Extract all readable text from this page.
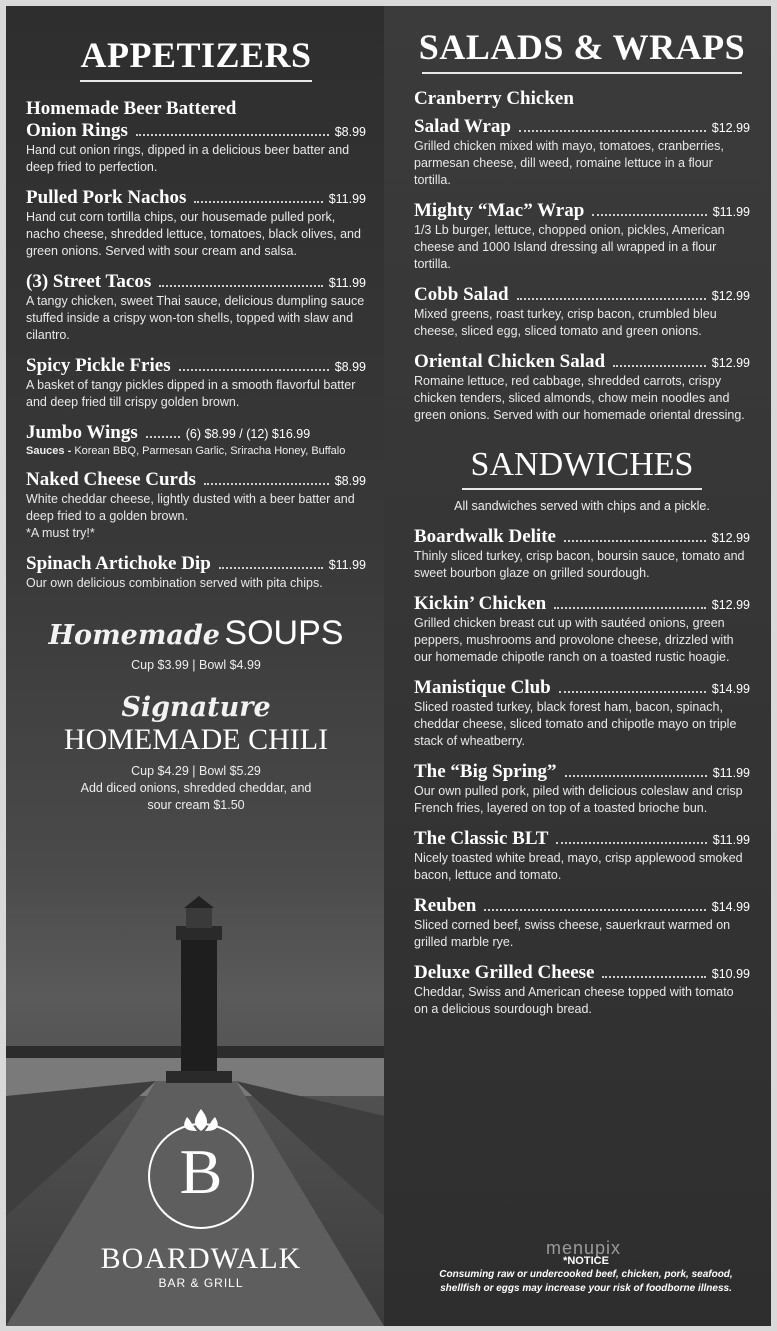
APPETIZERS
Homemade Beer Battered
Onion Rings	$8.99
Hand cut onion rings, dipped in a delicious beer batter and deep fried to perfection.
Pulled Pork Nachos	$11.99
Hand cut corn tortilla chips, our housemade pulled pork, nacho cheese, shredded lettuce, tomatoes, black olives, and green onions. Served with sour cream and salsa.
(3) Street Tacos	$11.99
A tangy chicken, sweet Thai sauce, delicious dumpling sauce stuffed inside a crispy won-ton shells, topped with slaw and cilantro.
Spicy Pickle Fries	$8.99
A basket of tangy pickles dipped in a smooth flavorful batter and deep fried till crispy golden brown.
Jumbo Wings	(6) $8.99 / (12) $16.99
Sauces - Korean BBQ, Parmesan Garlic, Sriracha Honey, Buffalo
Naked Cheese Curds	$8.99
White cheddar cheese, lightly dusted with a beer batter and deep fried to a golden brown.
*A must try!*
Spinach Artichoke Dip	$11.99
Our own delicious combination served with pita chips.
Homemade SOUPS
Cup $3.99 | Bowl $4.99
Signature
HOMEMADE CHILI
Cup $4.29 | Bowl $5.29
Add diced onions, shredded cheddar, and sour cream $1.50
B
BOARDWALK
BAR & GRILL
SALADS & WRAPS
Cranberry Chicken
Salad Wrap	$12.99
Grilled chicken mixed with mayo, tomatoes, cranberries, parmesan cheese, dill weed, romaine lettuce in a flour tortilla.
Mighty “Mac” Wrap	$11.99
1/3 Lb burger, lettuce, chopped onion, pickles, American cheese and 1000 Island dressing all wrapped in a flour tortilla.
Cobb Salad	$12.99
Mixed greens, roast turkey, crisp bacon, crumbled bleu cheese, sliced egg, sliced tomato and green onions.
Oriental Chicken Salad	$12.99
Romaine lettuce, red cabbage, shredded carrots, crispy chicken tenders, sliced almonds, chow mein noodles and green onions. Served with our homemade oriental dressing.
SANDWICHES
All sandwiches served with chips and a pickle.
Boardwalk Delite	$12.99
Thinly sliced turkey, crisp bacon, boursin sauce, tomato and sweet bourbon glaze on grilled sourdough.
Kickin’ Chicken	$12.99
Grilled chicken breast cut up with sautéed onions, green peppers, mushrooms and provolone cheese, drizzled with our homemade chipotle ranch on a toasted rustic hoagie.
Manistique Club	$14.99
Sliced roasted turkey, black forest ham, bacon, spinach, cheddar cheese, sliced tomato and chipotle mayo on triple stack of wheatberry.
The “Big Spring”	$11.99
Our own pulled pork, piled with delicious coleslaw and crisp French fries, layered on top of a toasted brioche bun.
The Classic BLT	$11.99
Nicely toasted white bread, mayo, crisp applewood smoked bacon, lettuce and tomato.
Reuben	$14.99
Sliced corned beef, swiss cheese, sauerkraut warmed on grilled marble rye.
Deluxe Grilled Cheese	$10.99
Cheddar, Swiss and American cheese topped with tomato on a delicious sourdough bread.
menupix
*NOTICE
Consuming raw or undercooked beef, chicken, pork, seafood, shellfish or eggs may increase your risk of foodborne illness.
